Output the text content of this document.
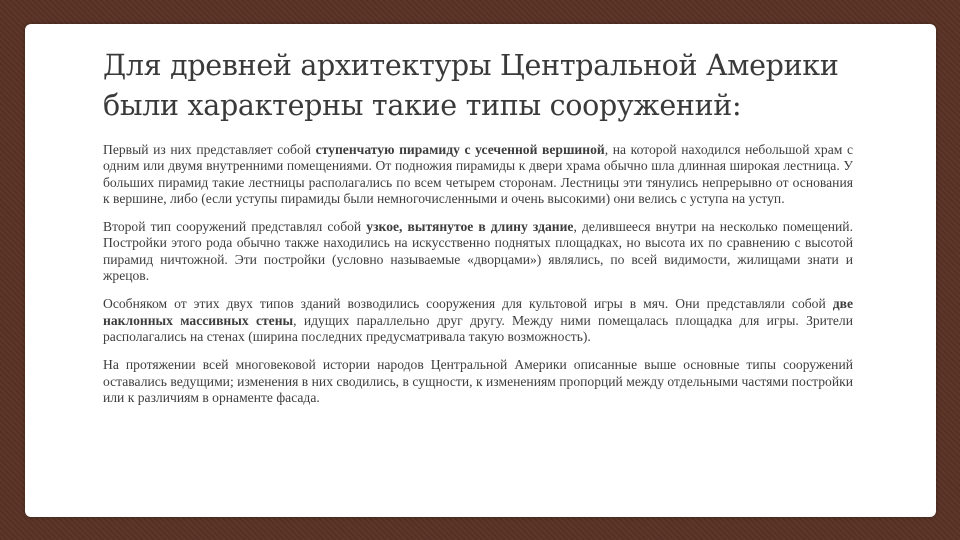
Для древней архитектуры Центральной Америки были характерны такие типы сооружений:

Первый из них представляет собой ступенчатую пирамиду с усеченной вершиной, на которой находился небольшой храм с одним или двумя внутренними помещениями. От подножия пирамиды к двери храма обычно шла длинная широкая лестница. У больших пирамид такие лестницы располагались по всем четырем сторонам. Лестницы эти тянулись непрерывно от основания к вершине, либо (если уступы пирамиды были немногочисленными и очень высокими) они велись с уступа на уступ.

Второй тип сооружений представлял собой узкое, вытянутое в длину здание, делившееся внутри на несколько помещений. Постройки этого рода обычно также находились на искусственно поднятых площадках, но высота их по сравнению с высотой пирамид ничтожной. Эти постройки (условно называемые «дворцами») являлись, по всей видимости, жилищами знати и жрецов.

Особняком от этих двух типов зданий возводились сооружения для культовой игры в мяч. Они представляли собой две наклонных массивных стены, идущих параллельно друг другу. Между ними помещалась площадка для игры. Зрители располагались на стенах (ширина последних предусматривала такую возможность).

На протяжении всей многовековой истории народов Центральной Америки описанные выше основные типы сооружений оставались ведущими; изменения в них сводились, в сущности, к изменениям пропорций между отдельными частями постройки или к различиям в орнаменте фасада.
